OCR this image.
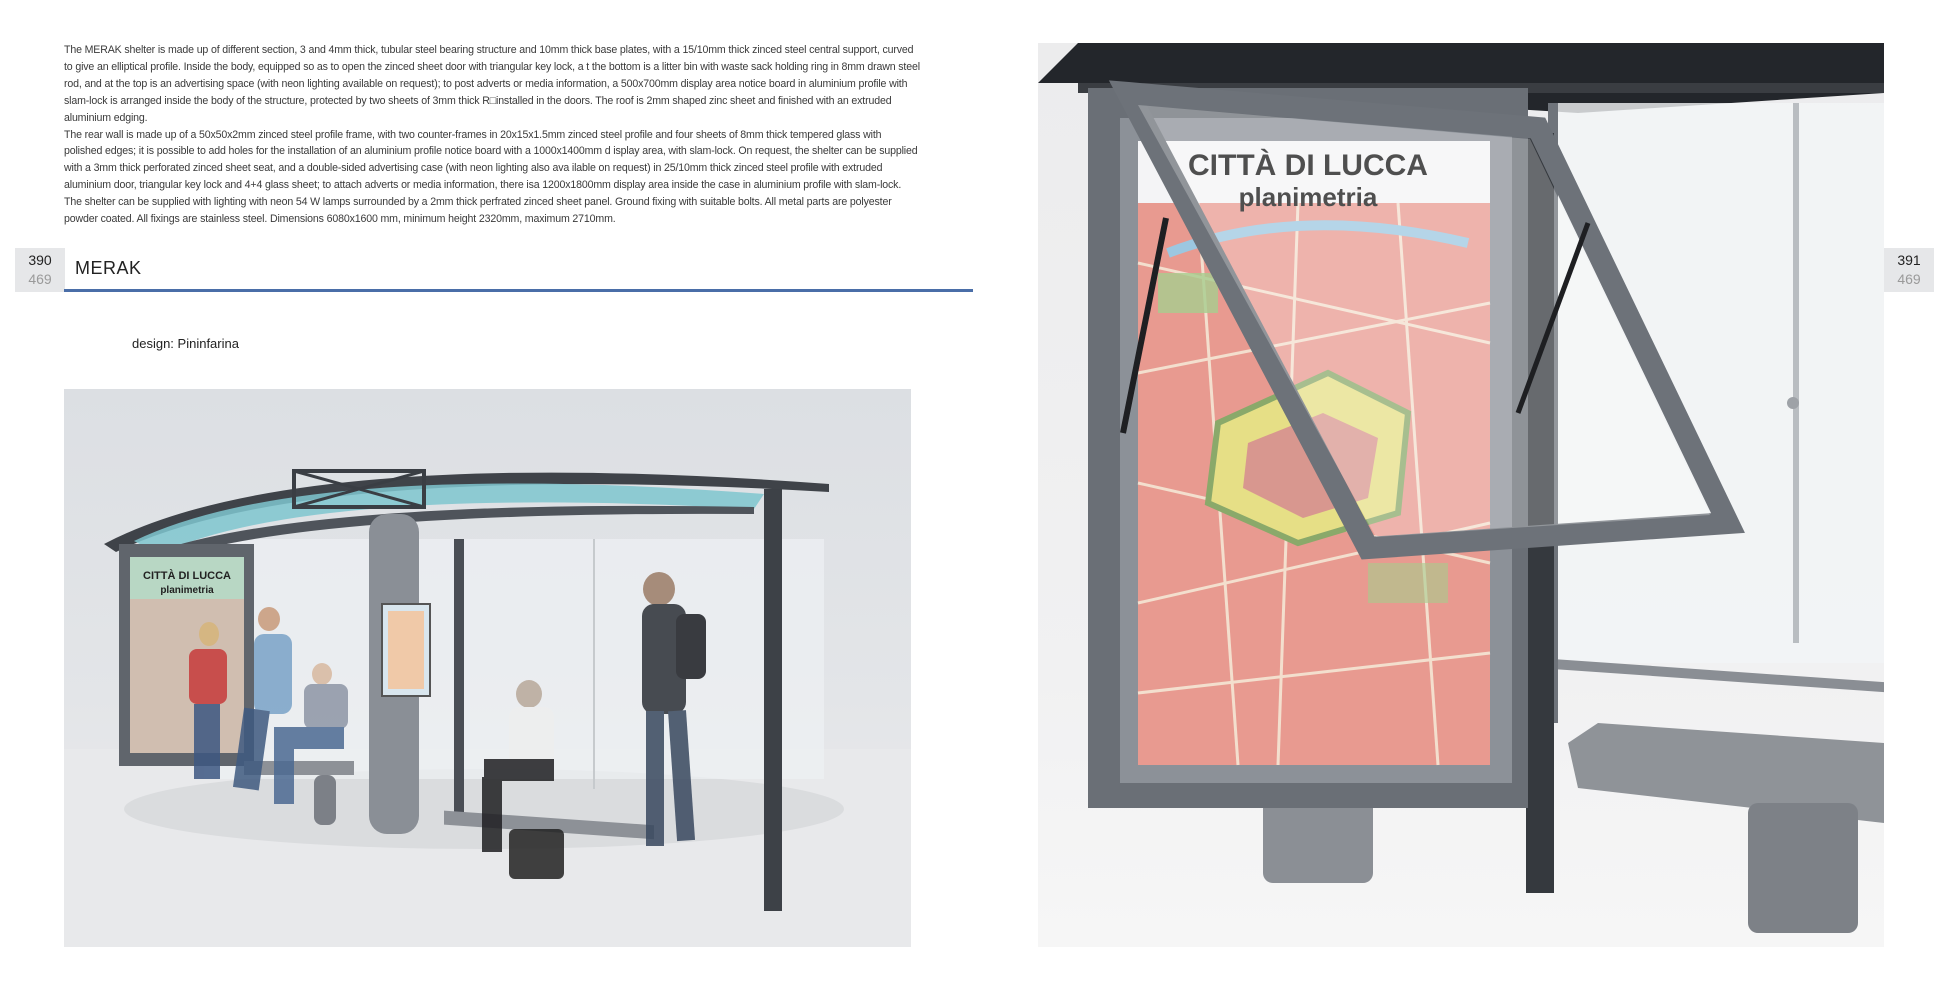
The MERAK shelter is made up of different section, 3 and 4mm thick, tubular steel bearing structure and 10mm thick base plates, with a 15/10mm thick zinced steel central support, curved to give an elliptical profile. Inside the body, equipped so as to open the zinced sheet door with triangular key lock, a t the bottom is a litter bin with waste sack holding ring in 8mm drawn steel rod, and at the top is an advertising space (with neon lighting available on request); to post adverts or media information, a 500x700mm display area notice board in aluminium profile with slam-lock is arranged inside the body of the structure, protected by two sheets of 3mm thick R□installed in the doors. The roof is 2mm shaped zinc sheet and finished with an extruded aluminium edging.

The rear wall is made up of a 50x50x2mm zinced steel profile frame, with two counter-frames in 20x15x1.5mm zinced steel profile and four sheets of 8mm thick tempered glass with polished edges; it is possible to add holes for the installation of an aluminium profile notice board with a 1000x1400mm d isplay area, with slam-lock. On request, the shelter can be supplied with a 3mm thick perforated zinced sheet seat, and a double-sided advertising case (with neon lighting also ava ilable on request) in 25/10mm thick zinced steel profile with extruded aluminium door, triangular key lock and 4+4 glass sheet; to attach adverts or media information, there isa 1200x1800mm display area inside the case in aluminium profile with slam-lock. The shelter can be supplied with lighting with neon 54 W lamps surrounded by a 2mm thick perfrated zinced sheet panel. Ground fixing with suitable bolts. All metal parts are polyester powder coated. All fixings are stainless steel. Dimensions 6080x1600 mm, minimum height 2320mm, maximum 2710mm.

390
469
MERAK
design: Pininfarina
CITTÀ DI LUCCA
planimetria
391
469
CITTÀ DI LUCCA
planimetria
